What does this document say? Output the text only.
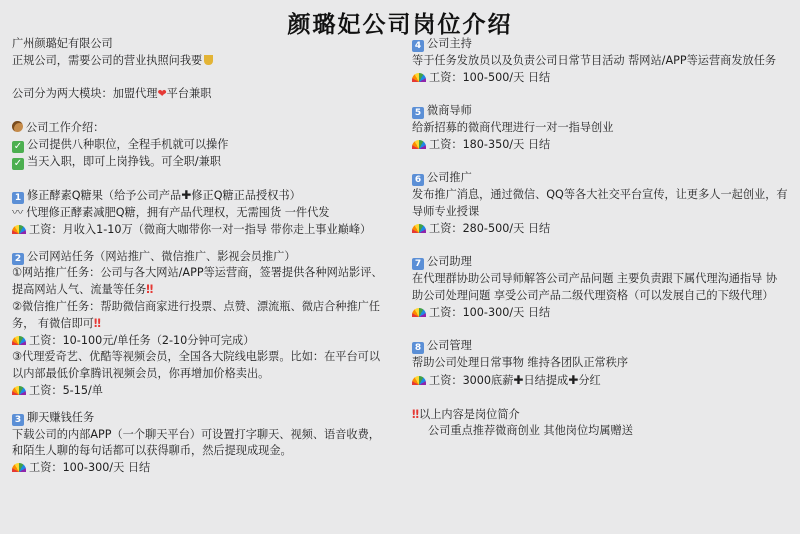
颜璐妃公司岗位介绍
广州颜璐妃有限公司
正规公司，需要公司的营业执照问我要
公司分为两大模块：加盟代理❤平台兼职
公司工作介绍：
✓ 公司提供八种职位，全程手机就可以操作
✓ 当天入职，即可上岗挣钱。可全职/兼职
1 修正酵素Q糖果（给予公司产品✚修正Q糖正品授权书）
〰 代理修正酵素减肥Q糖，拥有产品代理权，无需囤货 一件代发
工资：月收入1-10万（微商大咖带你一对一指导 带你走上事业巅峰）
2 公司网站任务（网站推广、微信推广、影视会员推广）
①网站推广任务：公司与各大网站/APP等运营商，签署提供各种网站影评、提高网站人气、流量等任务‼
②微信推广任务：帮助微信商家进行投票、点赞、漂流瓶、微店合种推广任务， 有微信即可‼
工资：10-100元/单任务（2-10分钟可完成）
③代理爱奇艺、优酷等视频会员，全国各大院线电影票。比如：在平台可以以内部最低价拿腾讯视频会员，你再增加价格卖出。
工资：5-15/单
3 聊天赚钱任务
下载公司的内部APP（一个聊天平台）可设置打字聊天、视频、语音收费，和陌生人聊的每句话都可以获得聊币，然后提现成现金。
工资：100-300/天 日结
4 公司主持
等于任务发放员以及负责公司日常节目活动 帮网站/APP等运营商发放任务
工资：100-500/天 日结
5 微商导师
给新招募的微商代理进行一对一指导创业
工资：180-350/天 日结
6 公司推广
发布推广消息，通过微信、QQ等各大社交平台宣传，让更多人一起创业，有导师专业授课
工资：280-500/天 日结
7 公司助理
在代理群协助公司导师解答公司产品问题 主要负责跟下属代理沟通指导 协助公司处理问题 享受公司产品二级代理资格（可以发展自己的下级代理）
工资：100-300/天 日结
8 公司管理
帮助公司处理日常事物 维持各团队正常秩序
工资：3000底薪✚日结提成✚分红
‼以上内容是岗位简介
公司重点推荐微商创业 其他岗位均属赠送
